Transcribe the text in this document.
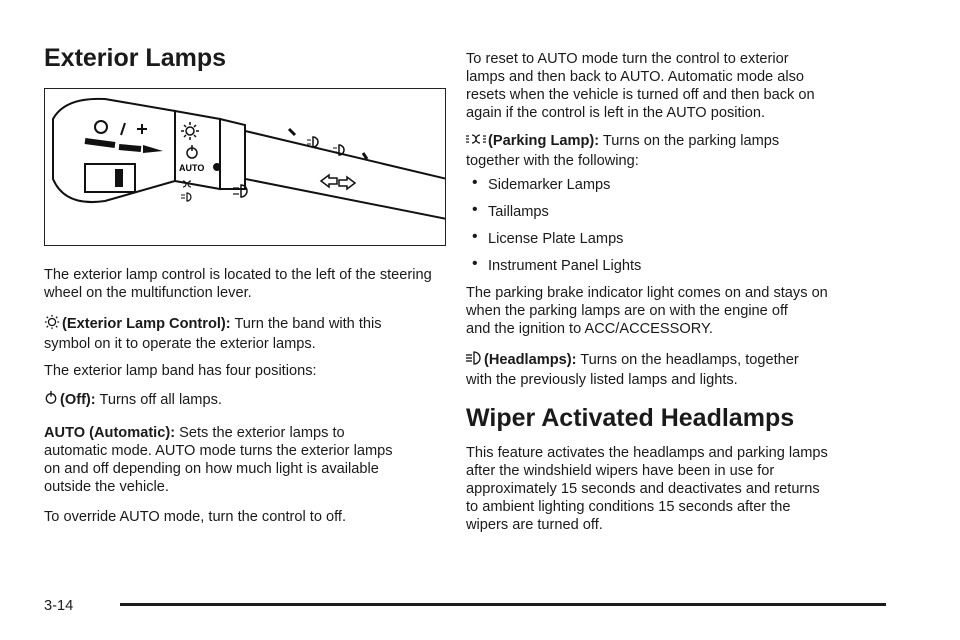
Exterior Lamps
AUTO

The exterior lamp control is located to the left of the steering wheel on the multifunction lever.

(Exterior Lamp Control): Turn the band with this
symbol on it to operate the exterior lamps.

The exterior lamp band has four positions:

(Off): Turns off all lamps.

AUTO (Automatic): Sets the exterior lamps to
automatic mode. AUTO mode turns the exterior lamps
on and off depending on how much light is available
outside the vehicle.

To override AUTO mode, turn the control to off.

To reset to AUTO mode turn the control to exterior
lamps and then back to AUTO. Automatic mode also
resets when the vehicle is turned off and then back on
again if the control is left in the AUTO position.

(Parking Lamp): Turns on the parking lamps
together with the following:

• Sidemarker Lamps
• Taillamps
• License Plate Lamps
• Instrument Panel Lights

The parking brake indicator light comes on and stays on
when the parking lamps are on with the engine off
and the ignition to ACC/ACCESSORY.

(Headlamps): Turns on the headlamps, together
with the previously listed lamps and lights.

Wiper Activated Headlamps

This feature activates the headlamps and parking lamps
after the windshield wipers have been in use for
approximately 15 seconds and deactivates and returns
to ambient lighting conditions 15 seconds after the
wipers are turned off.

3-14
